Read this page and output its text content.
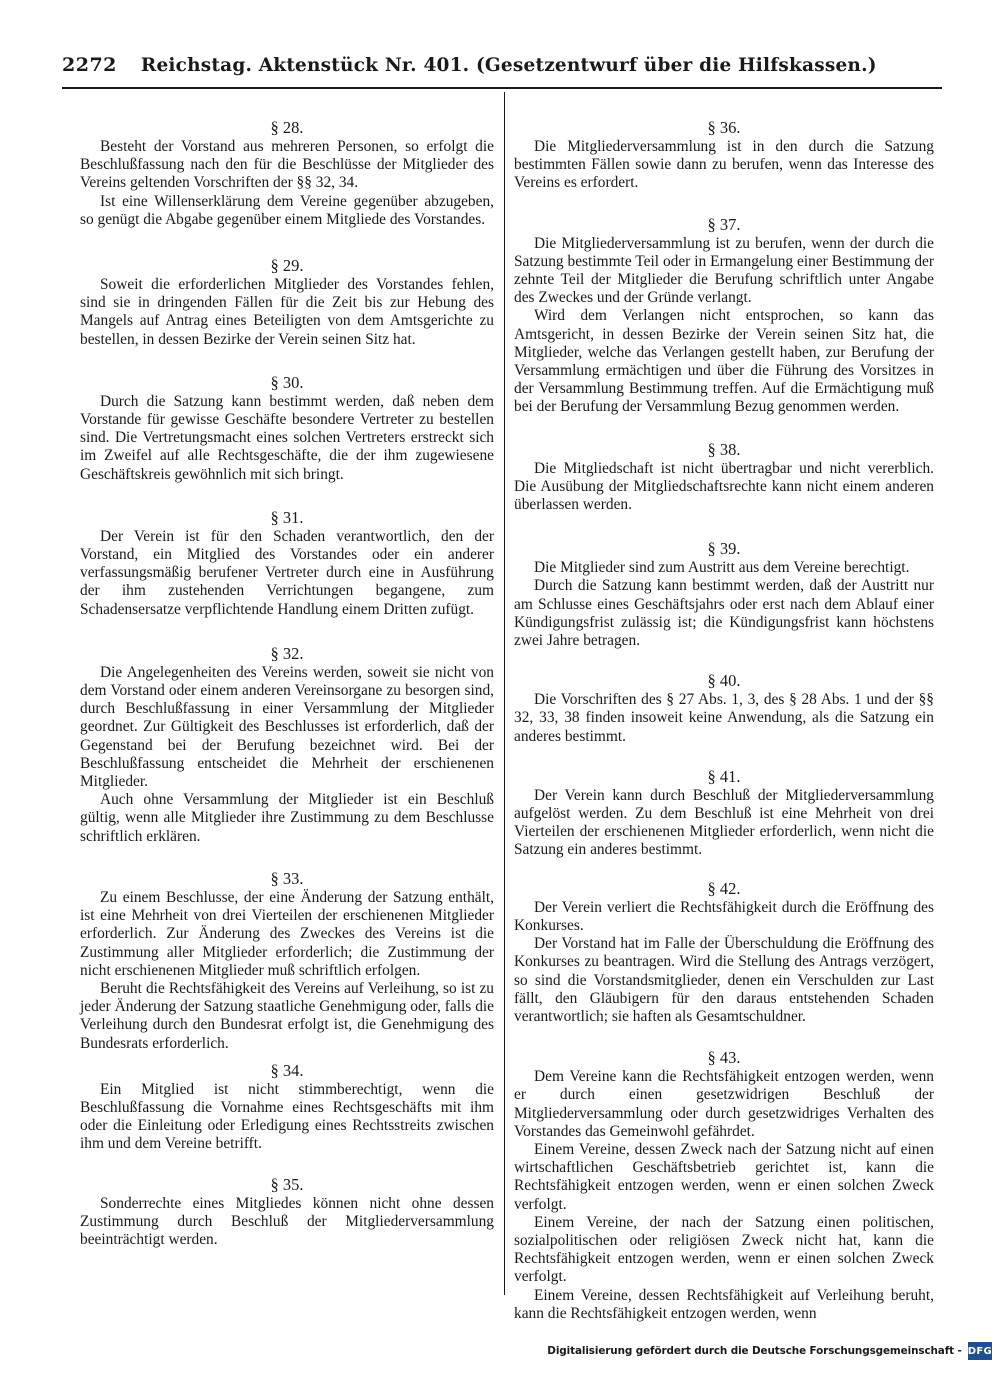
2272 Reichstag. Aktenstück Nr. 401. (Gesetzentwurf über die Hilfskassen.)
§ 28.

Besteht der Vorstand aus mehreren Personen, so erfolgt die Beschlußfassung nach den für die Beschlüsse der Mitglieder des Vereins geltenden Vorschriften der §§ 32, 34.

Ist eine Willenserklärung dem Vereine gegenüber abzugeben, so genügt die Abgabe gegenüber einem Mitgliede des Vorstandes.

§ 29.

Soweit die erforderlichen Mitglieder des Vorstandes fehlen, sind sie in dringenden Fällen für die Zeit bis zur Hebung des Mangels auf Antrag eines Beteiligten von dem Amtsgerichte zu bestellen, in dessen Bezirke der Verein seinen Sitz hat.

§ 30.

Durch die Satzung kann bestimmt werden, daß neben dem Vorstande für gewisse Geschäfte besondere Vertreter zu bestellen sind. Die Vertretungsmacht eines solchen Vertreters erstreckt sich im Zweifel auf alle Rechtsgeschäfte, die der ihm zugewiesene Geschäftskreis gewöhnlich mit sich bringt.

§ 31.

Der Verein ist für den Schaden verantwortlich, den der Vorstand, ein Mitglied des Vorstandes oder ein anderer verfassungsmäßig berufener Vertreter durch eine in Ausführung der ihm zustehenden Verrichtungen begangene, zum Schadensersatze verpflichtende Handlung einem Dritten zufügt.

§ 32.

Die Angelegenheiten des Vereins werden, soweit sie nicht von dem Vorstand oder einem anderen Vereinsorgane zu besorgen sind, durch Beschlußfassung in einer Versammlung der Mitglieder geordnet. Zur Gültigkeit des Beschlusses ist erforderlich, daß der Gegenstand bei der Berufung bezeichnet wird. Bei der Beschlußfassung entscheidet die Mehrheit der erschienenen Mitglieder.

Auch ohne Versammlung der Mitglieder ist ein Beschluß gültig, wenn alle Mitglieder ihre Zustimmung zu dem Beschlusse schriftlich erklären.

§ 33.

Zu einem Beschlusse, der eine Änderung der Satzung enthält, ist eine Mehrheit von drei Vierteilen der erschienenen Mitglieder erforderlich. Zur Änderung des Zweckes des Vereins ist die Zustimmung aller Mitglieder erforderlich; die Zustimmung der nicht erschienenen Mitglieder muß schriftlich erfolgen.

Beruht die Rechtsfähigkeit des Vereins auf Verleihung, so ist zu jeder Änderung der Satzung staatliche Genehmigung oder, falls die Verleihung durch den Bundesrat erfolgt ist, die Genehmigung des Bundesrats erforderlich.

§ 34.

Ein Mitglied ist nicht stimmberechtigt, wenn die Beschlußfassung die Vornahme eines Rechtsgeschäfts mit ihm oder die Einleitung oder Erledigung eines Rechtsstreits zwischen ihm und dem Vereine betrifft.

§ 35.

Sonderrechte eines Mitgliedes können nicht ohne dessen Zustimmung durch Beschluß der Mitgliederversammlung beeinträchtigt werden.

§ 36.

Die Mitgliederversammlung ist in den durch die Satzung bestimmten Fällen sowie dann zu berufen, wenn das Interesse des Vereins es erfordert.

§ 37.

Die Mitgliederversammlung ist zu berufen, wenn der durch die Satzung bestimmte Teil oder in Ermangelung einer Bestimmung der zehnte Teil der Mitglieder die Berufung schriftlich unter Angabe des Zweckes und der Gründe verlangt.

Wird dem Verlangen nicht entsprochen, so kann das Amtsgericht, in dessen Bezirke der Verein seinen Sitz hat, die Mitglieder, welche das Verlangen gestellt haben, zur Berufung der Versammlung ermächtigen und über die Führung des Vorsitzes in der Versammlung Bestimmung treffen. Auf die Ermächtigung muß bei der Berufung der Versammlung Bezug genommen werden.

§ 38.

Die Mitgliedschaft ist nicht übertragbar und nicht vererblich. Die Ausübung der Mitgliedschaftsrechte kann nicht einem anderen überlassen werden.

§ 39.

Die Mitglieder sind zum Austritt aus dem Vereine berechtigt.

Durch die Satzung kann bestimmt werden, daß der Austritt nur am Schlusse eines Geschäftsjahrs oder erst nach dem Ablauf einer Kündigungsfrist zulässig ist; die Kündigungsfrist kann höchstens zwei Jahre betragen.

§ 40.

Die Vorschriften des § 27 Abs. 1, 3, des § 28 Abs. 1 und der §§ 32, 33, 38 finden insoweit keine Anwendung, als die Satzung ein anderes bestimmt.

§ 41.

Der Verein kann durch Beschluß der Mitgliederversammlung aufgelöst werden. Zu dem Beschluß ist eine Mehrheit von drei Vierteilen der erschienenen Mitglieder erforderlich, wenn nicht die Satzung ein anderes bestimmt.

§ 42.

Der Verein verliert die Rechtsfähigkeit durch die Eröffnung des Konkurses.

Der Vorstand hat im Falle der Überschuldung die Eröffnung des Konkurses zu beantragen. Wird die Stellung des Antrags verzögert, so sind die Vorstandsmitglieder, denen ein Verschulden zur Last fällt, den Gläubigern für den daraus entstehenden Schaden verantwortlich; sie haften als Gesamtschuldner.

§ 43.

Dem Vereine kann die Rechtsfähigkeit entzogen werden, wenn er durch einen gesetzwidrigen Beschluß der Mitgliederversammlung oder durch gesetzwidriges Verhalten des Vorstandes das Gemeinwohl gefährdet.

Einem Vereine, dessen Zweck nach der Satzung nicht auf einen wirtschaftlichen Geschäftsbetrieb gerichtet ist, kann die Rechtsfähigkeit entzogen werden, wenn er einen solchen Zweck verfolgt.

Einem Vereine, der nach der Satzung einen politischen, sozialpolitischen oder religiösen Zweck nicht hat, kann die Rechtsfähigkeit entzogen werden, wenn er einen solchen Zweck verfolgt.

Einem Vereine, dessen Rechtsfähigkeit auf Verleihung beruht, kann die Rechtsfähigkeit entzogen werden, wenn

Digitalisierung gefördert durch die Deutsche Forschungsgemeinschaft - DFG
